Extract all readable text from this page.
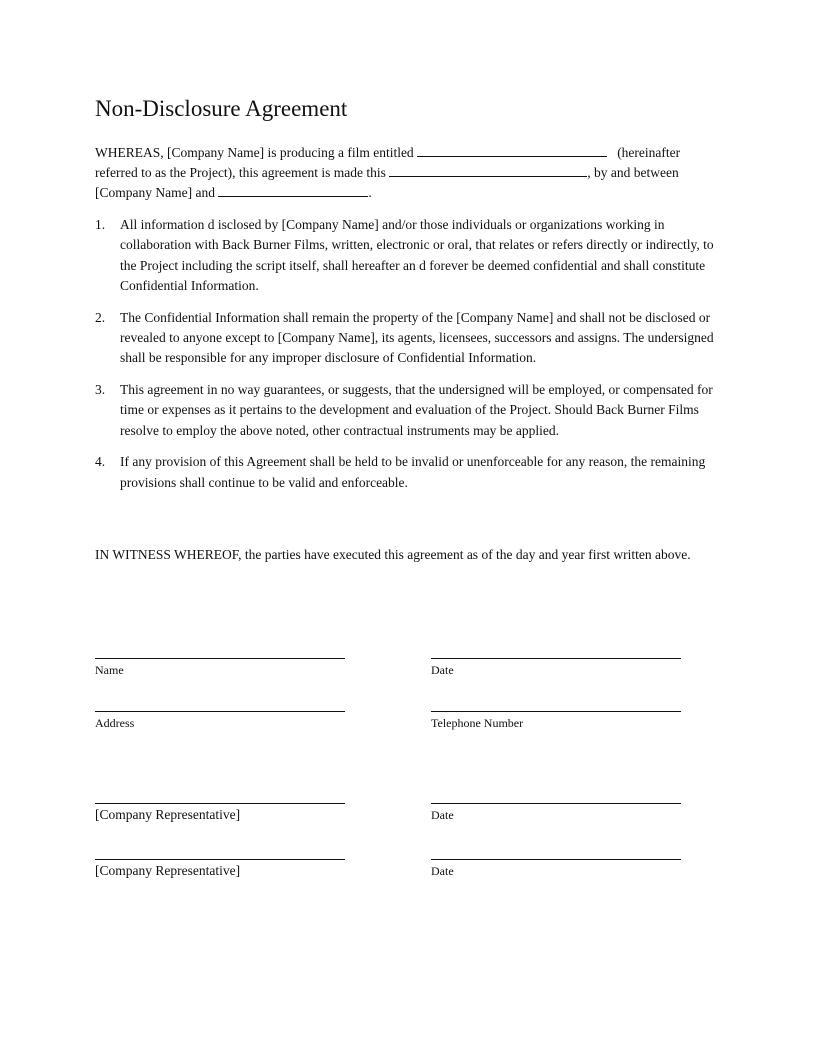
Non-Disclosure Agreement
WHEREAS, [Company Name] is producing a film entitled	(hereinafter
referred to as the Project), this agreement is made this	, by and between
[Company Name] and	.
1. All information d isclosed by [Company Name] and/or those individuals or organizations working in collaboration with Back Burner Films, written, electronic or oral, that relates or refers directly or indirectly, to the Project including the script itself, shall hereafter an d forever be deemed confidential and shall constitute Confidential Information.
2. The Confidential Information shall remain the property of the [Company Name] and shall not be disclosed or revealed to anyone except to [Company Name], its agents, licensees, successors and assigns. The undersigned shall be responsible for any improper disclosure of Confidential Information.
3. This agreement in no way guarantees, or suggests, that the undersigned will be employed, or compensated for time or expenses as it pertains to the development and evaluation of the Project. Should Back Burner Films resolve to employ the above noted, other contractual instruments may be applied.
4. If any provision of this Agreement shall be held to be invalid or unenforceable for any reason, the remaining provisions shall continue to be valid and enforceable.
IN WITNESS WHEREOF, the parties have executed this agreement as of the day and year first written above.
Name	Date
Address	Telephone Number
[Company Representative]	Date
[Company Representative]	Date
